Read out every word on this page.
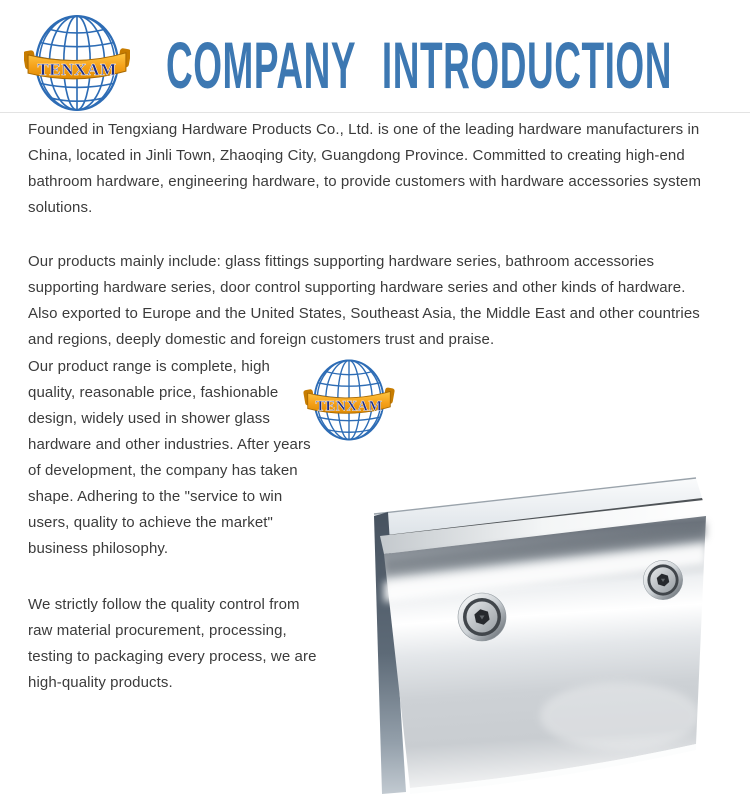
TENXAM COMPANY INTRODUCTION

Founded in Tengxiang Hardware Products Co., Ltd. is one of the leading hardware manufacturers in China, located in Jinli Town, Zhaoqing City, Guangdong Province. Committed to creating high-end bathroom hardware, engineering hardware, to provide customers with hardware accessories system solutions.

Our products mainly include: glass fittings supporting hardware series, bathroom accessories supporting hardware series, door control supporting hardware series and other kinds of hardware. Also exported to Europe and the United States, Southeast Asia, the Middle East and other countries and regions, deeply domestic and foreign customers trust and praise.

Our product range is complete, high quality, reasonable price, fashionable design, widely used in shower glass hardware and other industries. After years of development, the company has taken shape. Adhering to the "service to win users, quality to achieve the market" business philosophy.

We strictly follow the quality control from raw material procurement, processing, testing to packaging every process, we are high-quality products.

TENXAM
